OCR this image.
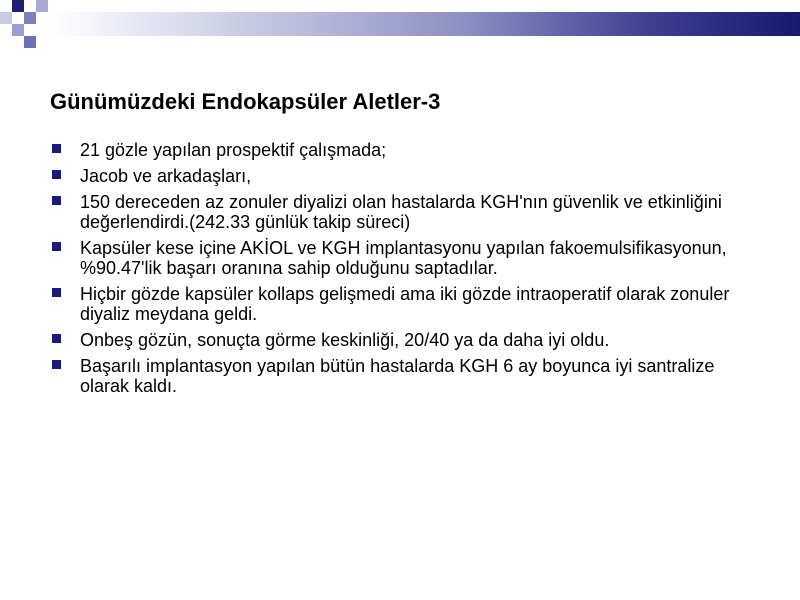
Günümüzdeki Endokapsüler Aletler-3
21 gözle yapılan prospektif çalışmada;
Jacob ve arkadaşları,
150 dereceden az zonuler diyalizi olan hastalarda KGH'nın güvenlik ve etkinliğini değerlendirdi.(242.33 günlük takip süreci)
Kapsüler kese içine AKİOL ve KGH implantasyonu yapılan fakoemulsifikasyonun, %90.47'lik başarı oranına sahip olduğunu saptadılar.
Hiçbir gözde kapsüler kollaps gelişmedi ama iki gözde intraoperatif olarak zonuler diyaliz meydana geldi.
Onbeş gözün, sonuçta görme keskinliği, 20/40 ya da daha iyi oldu.
Başarılı implantasyon yapılan bütün hastalarda KGH 6 ay boyunca iyi santralize olarak kaldı.
